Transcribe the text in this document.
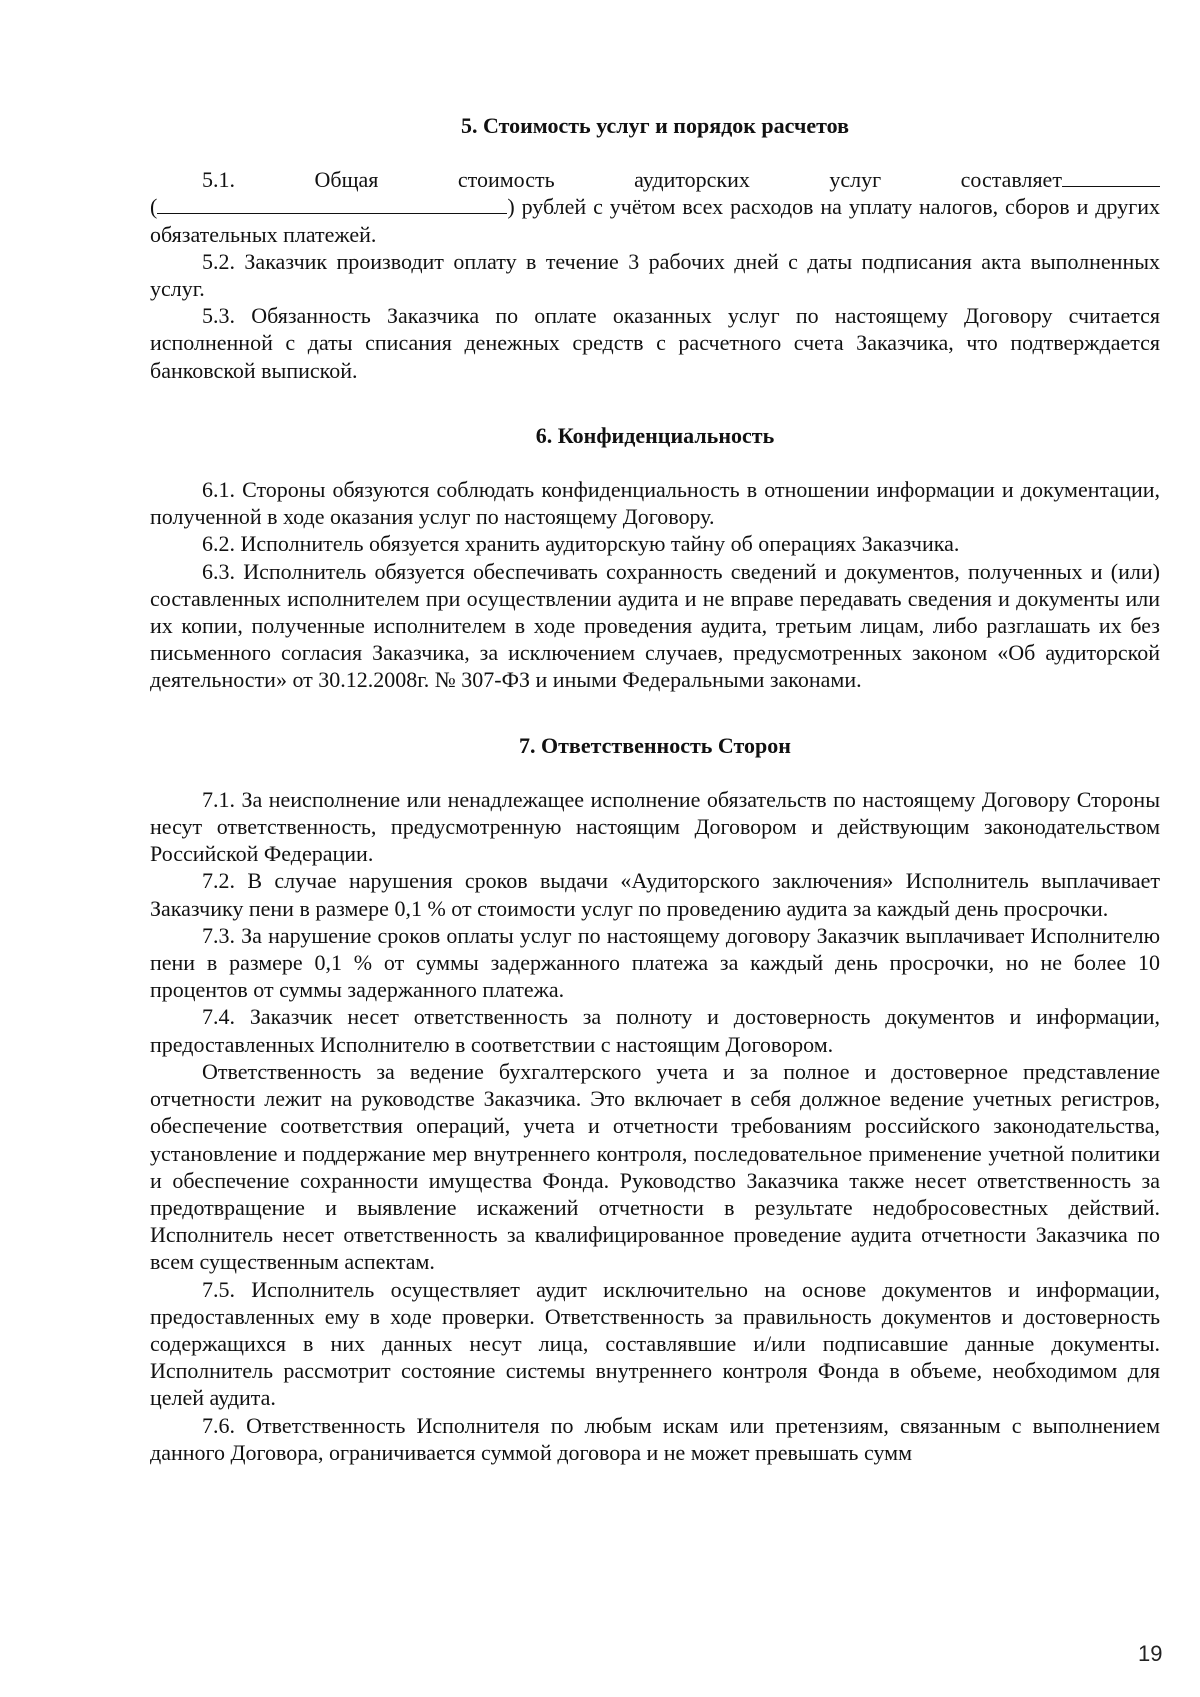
5. Стоимость услуг и порядок расчетов
5.1.	Общая	стоимость	аудиторских	услуг	составляет

(	) рублей с учётом всех расходов на уплату налогов, сборов и других обязательных платежей.

5.2. Заказчик производит оплату в течение 3 рабочих дней с даты подписания акта выполненных услуг.

5.3. Обязанность Заказчика по оплате оказанных услуг по настоящему Договору считается исполненной с даты списания денежных средств с расчетного счета Заказчика, что подтверждается банковской выпиской.

6. Конфиденциальность

6.1. Стороны обязуются соблюдать конфиденциальность в отношении информации и документации, полученной в ходе оказания услуг по настоящему Договору.

6.2. Исполнитель обязуется хранить аудиторскую тайну об операциях Заказчика.

6.3. Исполнитель обязуется обеспечивать сохранность сведений и документов, полученных и (или) составленных исполнителем при осуществлении аудита и не вправе передавать сведения и документы или их копии, полученные исполнителем в ходе проведения аудита, третьим лицам, либо разглашать их без письменного согласия Заказчика, за исключением случаев, предусмотренных законом «Об аудиторской деятельности» от 30.12.2008г. № 307-ФЗ и иными Федеральными законами.

7. Ответственность Сторон

7.1. За неисполнение или ненадлежащее исполнение обязательств по настоящему Договору Стороны несут ответственность, предусмотренную настоящим Договором и действующим законодательством Российской Федерации.

7.2. В случае нарушения сроков выдачи «Аудиторского заключения» Исполнитель выплачивает Заказчику пени в размере 0,1 % от стоимости услуг по проведению аудита за каждый день просрочки.

7.3. За нарушение сроков оплаты услуг по настоящему договору Заказчик выплачивает Исполнителю пени в размере 0,1 % от суммы задержанного платежа за каждый день просрочки, но не более 10 процентов от суммы задержанного платежа.

7.4. Заказчик несет ответственность за полноту и достоверность документов и информации, предоставленных Исполнителю в соответствии с настоящим Договором.

Ответственность за ведение бухгалтерского учета и за полное и достоверное представление отчетности лежит на руководстве Заказчика. Это включает в себя должное ведение учетных регистров, обеспечение соответствия операций, учета и отчетности требованиям российского законодательства, установление и поддержание мер внутреннего контроля, последовательное применение учетной политики и обеспечение сохранности имущества Фонда. Руководство Заказчика также несет ответственность за предотвращение и выявление искажений отчетности в результате недобросовестных действий. Исполнитель несет ответственность за квалифицированное проведение аудита отчетности Заказчика по всем существенным аспектам.

7.5. Исполнитель осуществляет аудит исключительно на основе документов и информации, предоставленных ему в ходе проверки. Ответственность за правильность документов и достоверность содержащихся в них данных несут лица, составлявшие и/или подписавшие данные документы. Исполнитель рассмотрит состояние системы внутреннего контроля Фонда в объеме, необходимом для целей аудита.

7.6. Ответственность Исполнителя по любым искам или претензиям, связанным с выполнением данного Договора, ограничивается суммой договора и не может превышать сумм

19
